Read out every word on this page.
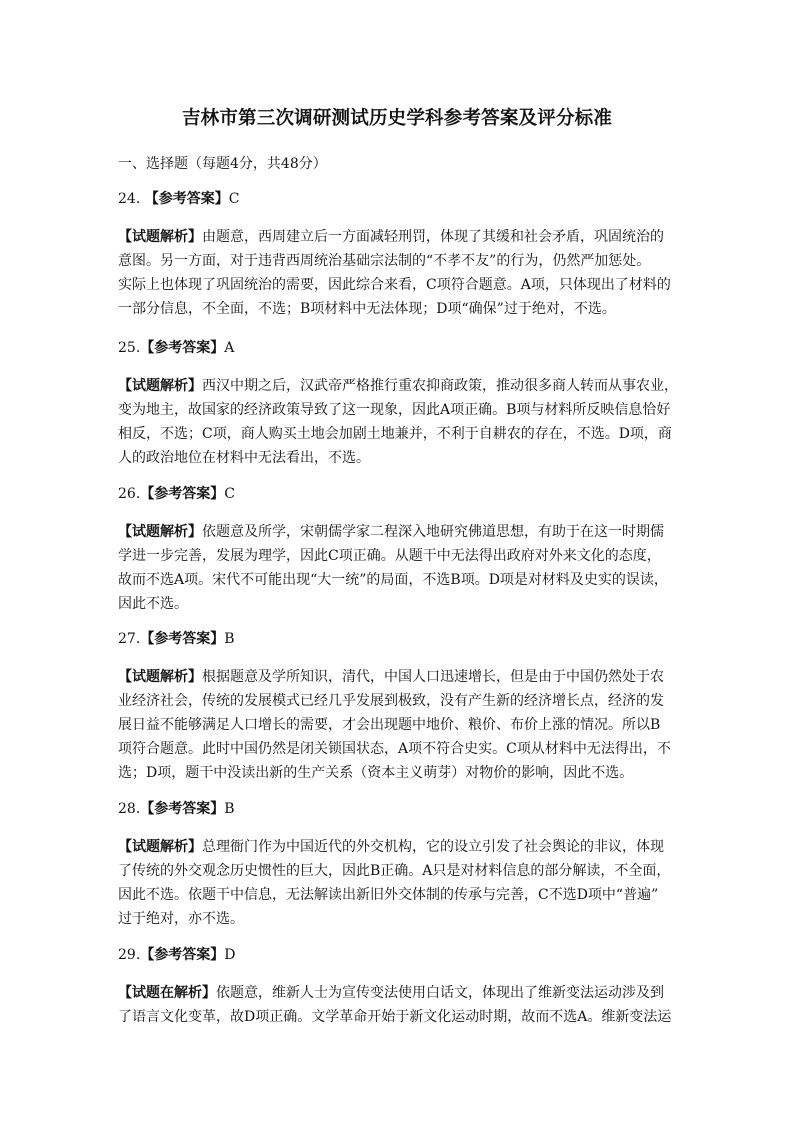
吉林市第三次调研测试历史学科参考答案及评分标准

一、选择题（每题4分，共48分）

24. 【参考答案】C

【试题解析】由题意，西周建立后一方面减轻刑罚，体现了其缓和社会矛盾，巩固统治的
意图。另一方面，对于违背西周统治基础宗法制的“不孝不友”的行为，仍然严加惩处。
实际上也体现了巩固统治的需要，因此综合来看，C项符合题意。A项，只体现出了材料的
一部分信息，不全面，不选；B项材料中无法体现；D项“确保”过于绝对，不选。

25.【参考答案】A

【试题解析】西汉中期之后，汉武帝严格推行重农抑商政策，推动很多商人转而从事农业，
变为地主，故国家的经济政策导致了这一现象，因此A项正确。B项与材料所反映信息恰好
相反，不选；C项，商人购买土地会加剧土地兼并，不利于自耕农的存在，不选。D项，商
人的政治地位在材料中无法看出，不选。

26.【参考答案】C

【试题解析】依题意及所学，宋朝儒学家二程深入地研究佛道思想，有助于在这一时期儒
学进一步完善，发展为理学，因此C项正确。从题干中无法得出政府对外来文化的态度，
故而不选A项。宋代不可能出现“大一统”的局面，不选B项。D项是对材料及史实的误读，
因此不选。

27.【参考答案】B

【试题解析】根据题意及学所知识，清代，中国人口迅速增长，但是由于中国仍然处于农
业经济社会，传统的发展模式已经几乎发展到极致，没有产生新的经济增长点，经济的发
展日益不能够满足人口增长的需要，才会出现题中地价、粮价、布价上涨的情况。所以B
项符合题意。此时中国仍然是闭关锁国状态，A项不符合史实。C项从材料中无法得出，不
选；D项，题干中没读出新的生产关系（资本主义萌芽）对物价的影响，因此不选。

28.【参考答案】B

【试题解析】总理衙门作为中国近代的外交机构，它的设立引发了社会舆论的非议，体现
了传统的外交观念历史惯性的巨大，因此B正确。A只是对材料信息的部分解读，不全面，
因此不选。依题干中信息，无法解读出新旧外交体制的传承与完善，C不选D项中“普遍”
过于绝对，亦不选。

29.【参考答案】D

【试题在解析】依题意，维新人士为宣传变法使用白话文，体现出了维新变法运动涉及到
了语言文化变革，故D项正确。文学革命开始于新文化运动时期，故而不选A。维新变法运
